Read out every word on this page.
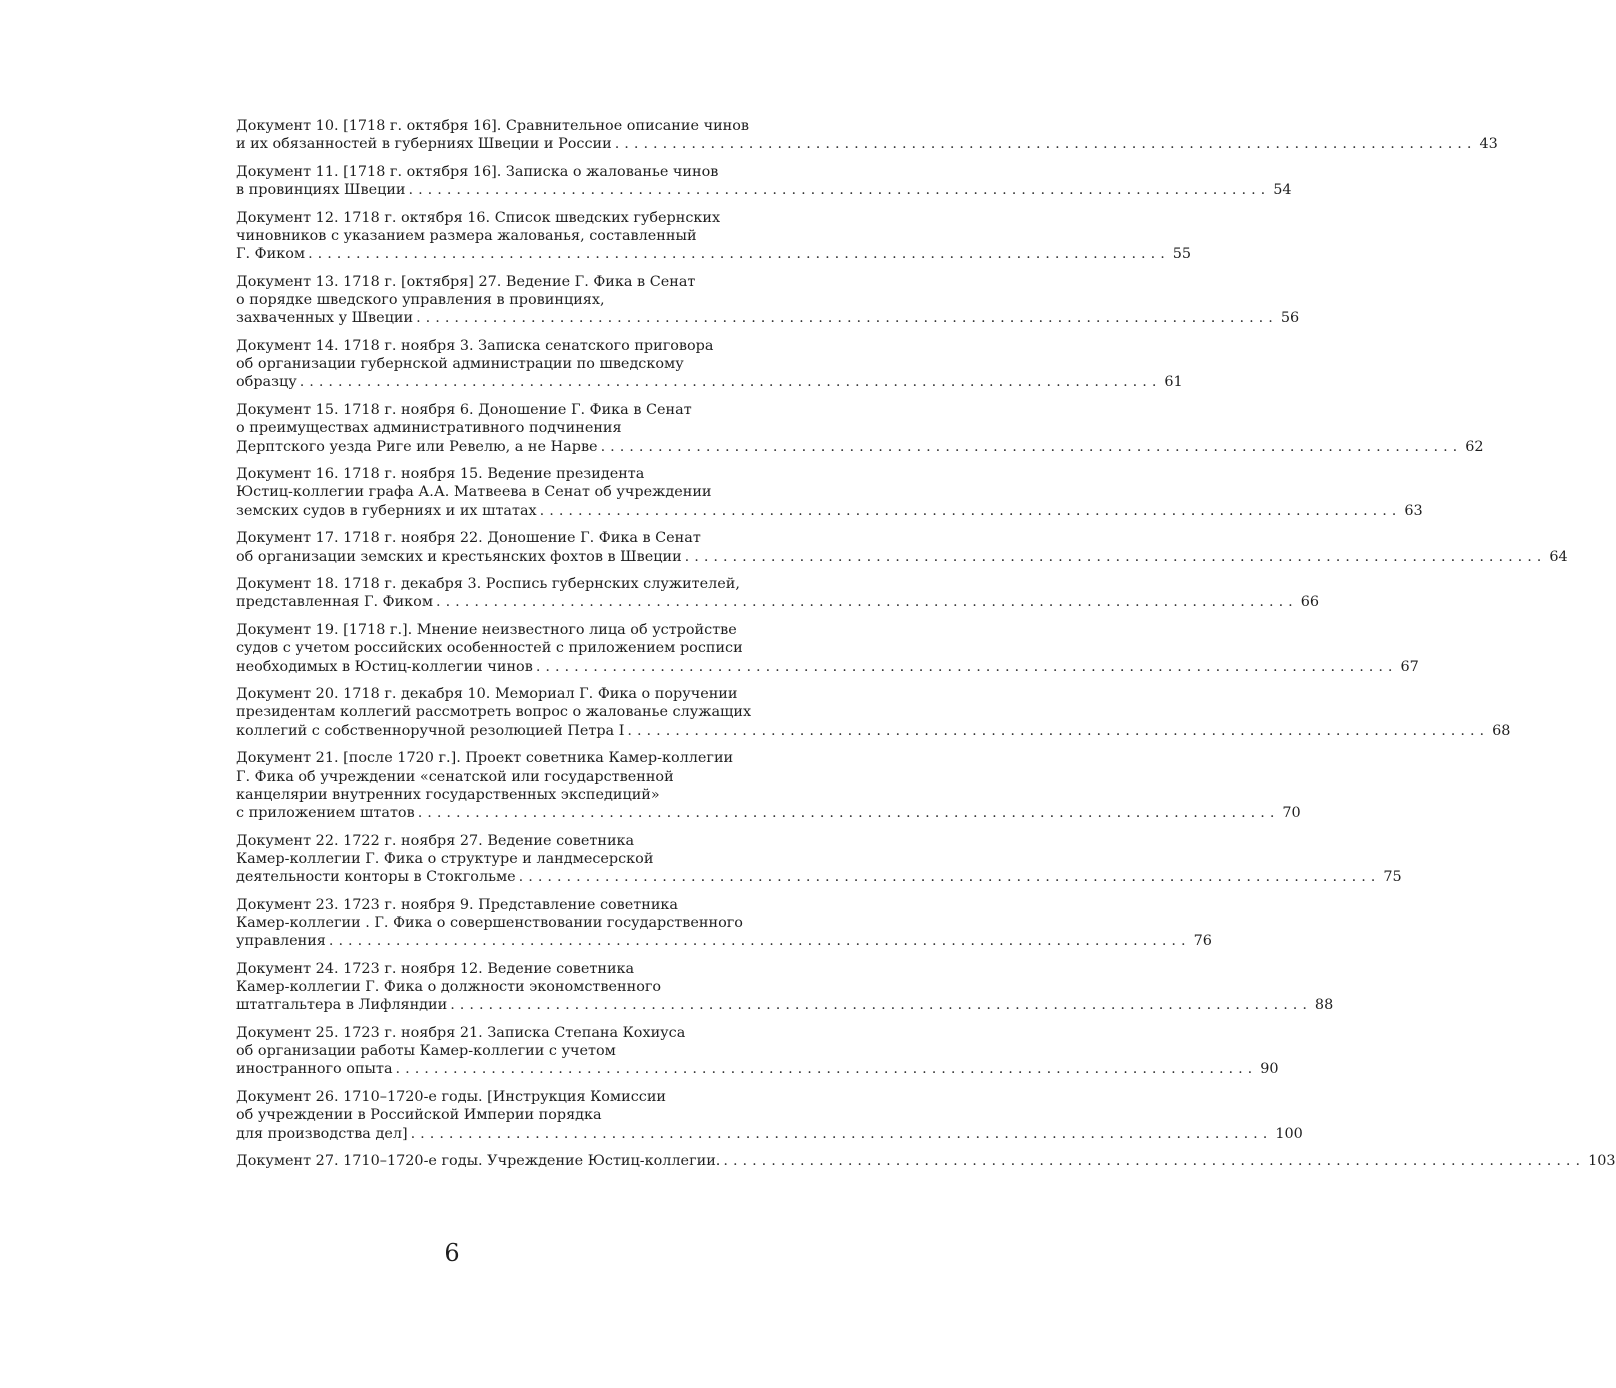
Документ 10. [1718 г. октября 16]. Сравнительное описание чинов
и их обязанностей в губерниях Швеции и России .......................................................................................... 43
Документ 11. [1718 г. октября 16]. Записка о жалованье чинов
в провинциях Швеции .......................................................................................... 54
Документ 12. 1718 г. октября 16. Список шведских губернских
чиновников с указанием размера жалованья, составленный
Г. Фиком .......................................................................................... 55
Документ 13. 1718 г. [октября] 27. Ведение Г. Фика в Сенат
о порядке шведского управления в провинциях,
захваченных у Швеции .......................................................................................... 56
Документ 14. 1718 г. ноября 3. Записка сенатского приговора
об организации губернской администрации по шведскому
образцу .......................................................................................... 61
Документ 15. 1718 г. ноября 6. Доношение Г. Фика в Сенат
о преимуществах административного подчинения
Дерптского уезда Риге или Ревелю, а не Нарве .......................................................................................... 62
Документ 16. 1718 г. ноября 15. Ведение президента
Юстиц-коллегии графа А.А. Матвеева в Сенат об учреждении
земских судов в губерниях и их штатах .......................................................................................... 63
Документ 17. 1718 г. ноября 22. Доношение Г. Фика в Сенат
об организации земских и крестьянских фохтов в Швеции .......................................................................................... 64
Документ 18. 1718 г. декабря 3. Роспись губернских служителей,
представленная Г. Фиком .......................................................................................... 66
Документ 19. [1718 г.]. Мнение неизвестного лица об устройстве
судов с учетом российских особенностей с приложением росписи
необходимых в Юстиц-коллегии чинов .......................................................................................... 67
Документ 20. 1718 г. декабря 10. Мемориал Г. Фика о поручении
президентам коллегий рассмотреть вопрос о жалованье служащих
коллегий с собственноручной резолюцией Петра I .......................................................................................... 68
Документ 21. [после 1720 г.]. Проект советника Камер-коллегии
Г. Фика об учреждении «сенатской или государственной
канцелярии внутренних государственных экспедиций»
с приложением штатов .......................................................................................... 70
Документ 22. 1722 г. ноября 27. Ведение советника
Камер-коллегии Г. Фика о структуре и ландмесерской
деятельности конторы в Стокгольме .......................................................................................... 75
Документ 23. 1723 г. ноября 9. Представление советника
Камер-коллегии . Г. Фика о совершенствовании государственного
управления .......................................................................................... 76
Документ 24. 1723 г. ноября 12. Ведение советника
Камер-коллегии Г. Фика о должности экономственного
штатгальтера в Лифляндии .......................................................................................... 88
Документ 25. 1723 г. ноября 21. Записка Степана Кохиуса
об организации работы Камер-коллегии с учетом
иностранного опыта .......................................................................................... 90
Документ 26. 1710–1720-е годы. [Инструкция Комиссии
об учреждении в Российской Империи порядка
для производства дел] .......................................................................................... 100
Документ 27. 1710–1720-е годы. Учреждение Юстиц-коллегии. .......................................................................................... 103
6
